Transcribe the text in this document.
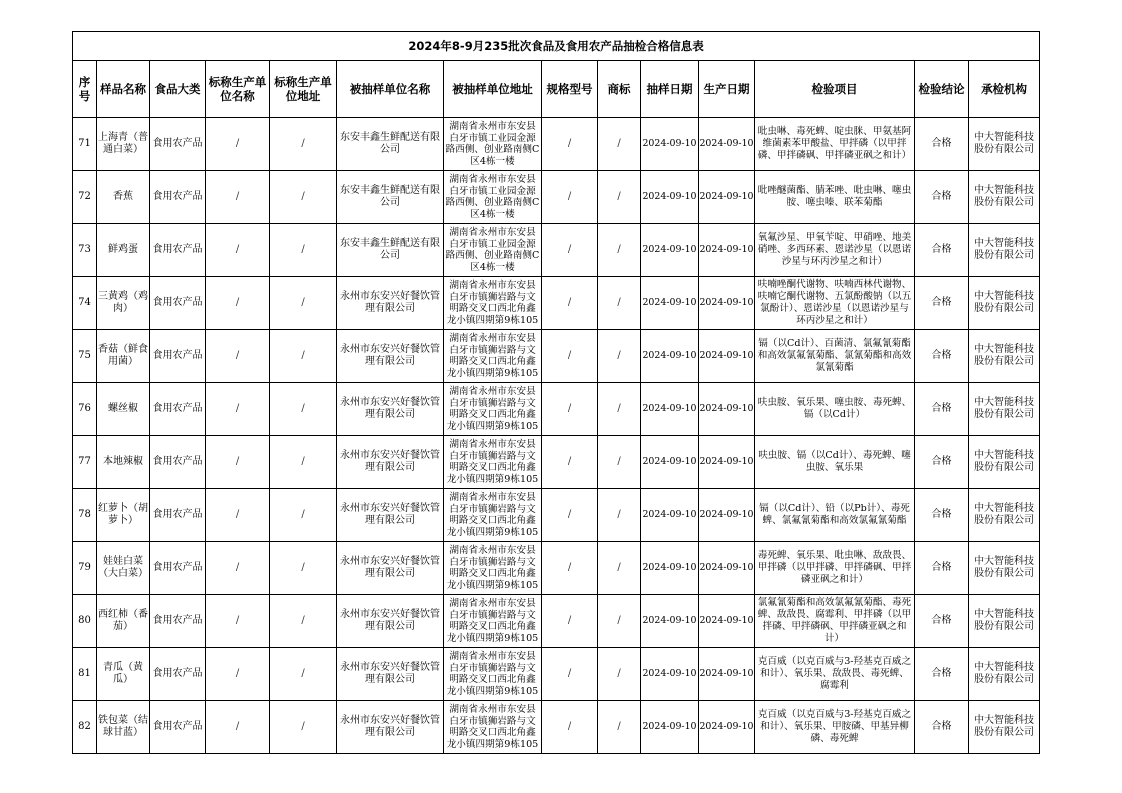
2024年8-9月235批次食品及食用农产品抽检合格信息表													
序号	样品名称	食品大类	标称生产单位名称	标称生产单位地址	被抽样单位名称	被抽样单位地址	规格型号	商标	抽样日期	生产日期	检验项目	检验结论	承检机构
71	上海青（普通白菜）	食用农产品	/	/	东安丰鑫生鲜配送有限公司	湖南省永州市东安县白牙市镇工业园金源路西侧、创业路南侧C区4栋一楼	/	/	2024-09-10	2024-09-10	吡虫啉、毒死蜱、啶虫脒、甲氨基阿维菌素苯甲酸盐、甲拌磷（以甲拌磷、甲拌磷砜、甲拌磷亚砜之和计）	合格	中大智能科技股份有限公司
72	香蕉	食用农产品	/	/	东安丰鑫生鲜配送有限公司	湖南省永州市东安县白牙市镇工业园金源路西侧、创业路南侧C区4栋一楼	/	/	2024-09-10	2024-09-10	吡唑醚菌酯、腈苯唑、吡虫啉、噻虫胺、噻虫嗪、联苯菊酯	合格	中大智能科技股份有限公司
73	鲜鸡蛋	食用农产品	/	/	东安丰鑫生鲜配送有限公司	湖南省永州市东安县白牙市镇工业园金源路西侧、创业路南侧C区4栋一楼	/	/	2024-09-10	2024-09-10	氧氟沙星、甲氧苄啶、甲硝唑、地美硝唑、多西环素、恩诺沙星（以恩诺沙星与环丙沙星之和计）	合格	中大智能科技股份有限公司
74	三黄鸡（鸡肉）	食用农产品	/	/	永州市东安兴好餐饮管理有限公司	湖南省永州市东安县白牙市镇狮岩路与文明路交叉口西北角鑫龙小镇四期第9栋105	/	/	2024-09-10	2024-09-10	呋喃唑酮代谢物、呋喃西林代谢物、呋喃它酮代谢物、五氯酚酸钠（以五氯酚计）、恩诺沙星（以恩诺沙星与环丙沙星之和计）	合格	中大智能科技股份有限公司
75	香菇（鲜食用菌）	食用农产品	/	/	永州市东安兴好餐饮管理有限公司	湖南省永州市东安县白牙市镇狮岩路与文明路交叉口西北角鑫龙小镇四期第9栋105	/	/	2024-09-10	2024-09-10	镉（以Cd计）、百菌清、氯氟氰菊酯和高效氯氟氰菊酯、氯氰菊酯和高效氯氰菊酯	合格	中大智能科技股份有限公司
76	螺丝椒	食用农产品	/	/	永州市东安兴好餐饮管理有限公司	湖南省永州市东安县白牙市镇狮岩路与文明路交叉口西北角鑫龙小镇四期第9栋105	/	/	2024-09-10	2024-09-10	呋虫胺、氧乐果、噻虫胺、毒死蜱、镉（以Cd计）	合格	中大智能科技股份有限公司
77	本地辣椒	食用农产品	/	/	永州市东安兴好餐饮管理有限公司	湖南省永州市东安县白牙市镇狮岩路与文明路交叉口西北角鑫龙小镇四期第9栋105	/	/	2024-09-10	2024-09-10	呋虫胺、镉（以Cd计）、毒死蜱、噻虫胺、氧乐果	合格	中大智能科技股份有限公司
78	红萝卜（胡萝卜）	食用农产品	/	/	永州市东安兴好餐饮管理有限公司	湖南省永州市东安县白牙市镇狮岩路与文明路交叉口西北角鑫龙小镇四期第9栋105	/	/	2024-09-10	2024-09-10	镉（以Cd计）、铅（以Pb计）、毒死蜱、氯氟氰菊酯和高效氯氟氰菊酯	合格	中大智能科技股份有限公司
79	娃娃白菜（大白菜）	食用农产品	/	/	永州市东安兴好餐饮管理有限公司	湖南省永州市东安县白牙市镇狮岩路与文明路交叉口西北角鑫龙小镇四期第9栋105	/	/	2024-09-10	2024-09-10	毒死蜱、氧乐果、吡虫啉、敌敌畏、甲拌磷（以甲拌磷、甲拌磷砜、甲拌磷亚砜之和计）	合格	中大智能科技股份有限公司
80	西红柿（番茄）	食用农产品	/	/	永州市东安兴好餐饮管理有限公司	湖南省永州市东安县白牙市镇狮岩路与文明路交叉口西北角鑫龙小镇四期第9栋105	/	/	2024-09-10	2024-09-10	氯氟氰菊酯和高效氯氟氰菊酯、毒死蜱、敌敌畏、腐霉利、甲拌磷（以甲拌磷、甲拌磷砜、甲拌磷亚砜之和计）	合格	中大智能科技股份有限公司
81	青瓜（黄瓜）	食用农产品	/	/	永州市东安兴好餐饮管理有限公司	湖南省永州市东安县白牙市镇狮岩路与文明路交叉口西北角鑫龙小镇四期第9栋105	/	/	2024-09-10	2024-09-10	克百威（以克百威与3-羟基克百威之和计）、氧乐果、敌敌畏、毒死蜱、腐霉利	合格	中大智能科技股份有限公司
82	铁包菜（结球甘蓝）	食用农产品	/	/	永州市东安兴好餐饮管理有限公司	湖南省永州市东安县白牙市镇狮岩路与文明路交叉口西北角鑫龙小镇四期第9栋105	/	/	2024-09-10	2024-09-10	克百威（以克百威与3-羟基克百威之和计）、氧乐果、甲胺磷、甲基异柳磷、毒死蜱	合格	中大智能科技股份有限公司
